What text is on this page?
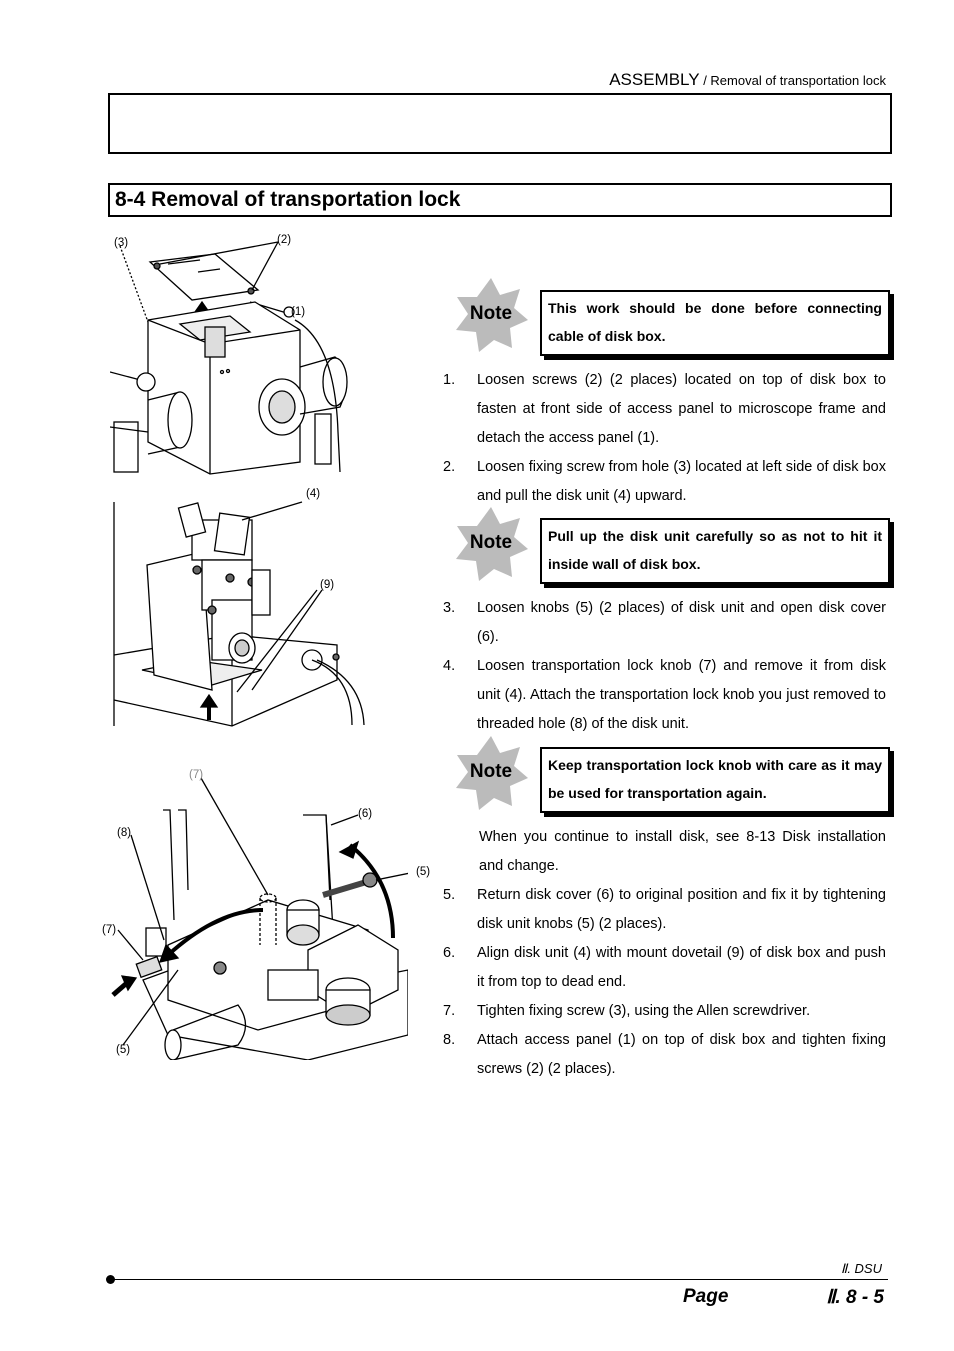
ASSEMBLY / Removal of transportation lock
8-4 Removal of transportation lock
(3)	(2)
(1)
(4)
(9)
(7)
(6)
(8)
(5)
(7)
(5)
Note	This work should be done before connecting cable of disk box.
1. Loosen screws (2) (2 places) located on top of disk box to fasten at front side of access panel to microscope frame and detach the access panel (1).
2. Loosen fixing screw from hole (3) located at left side of disk box and pull the disk unit (4) upward.
Note	Pull up the disk unit carefully so as not to hit it inside wall of disk box.
3. Loosen knobs (5) (2 places) of disk unit and open disk cover (6).
4. Loosen transportation lock knob (7) and remove it from disk unit (4). Attach the transportation lock knob you just removed to threaded hole (8) of the disk unit.
Note	Keep transportation lock knob with care as it may be used for transportation again.
When you continue to install disk, see 8-13 Disk installation and change.
5. Return disk cover (6) to original position and fix it by tightening disk unit knobs (5) (2 places).
6. Align disk unit (4) with mount dovetail (9) of disk box and push it from top to dead end.
7. Tighten fixing screw (3), using the Allen screwdriver.
8. Attach access panel (1) on top of disk box and tighten fixing screws (2) (2 places).
Ⅱ. DSU
Page	Ⅱ. 8 - 5
